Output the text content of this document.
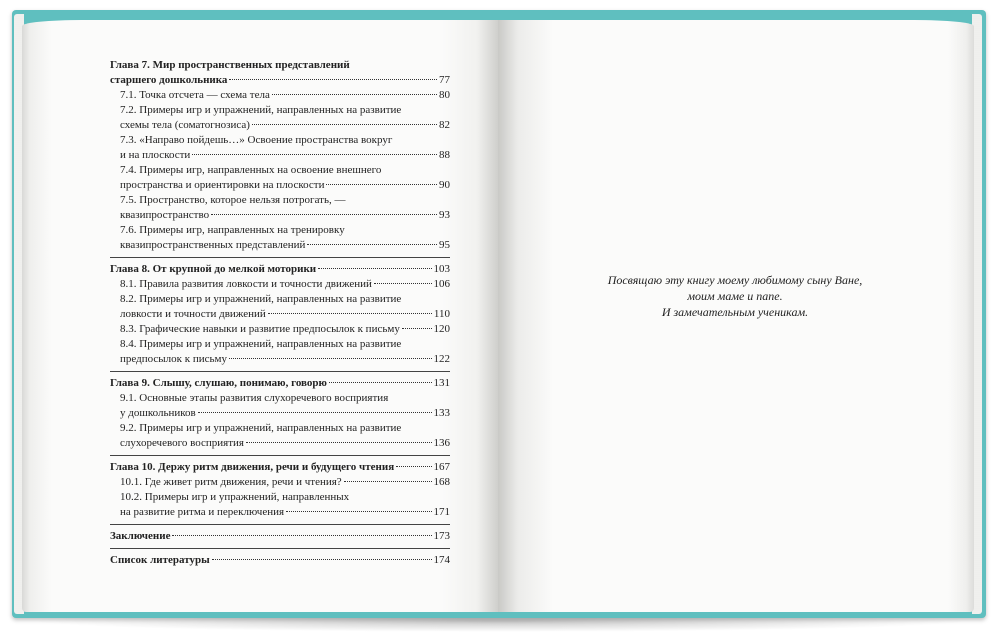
Глава 7. Мир пространственных представлений
старшего дошкольника	77
7.1. Точка отсчета — схема тела	80
7.2. Примеры игр и упражнений, направленных на развитие
схемы тела (соматогнозиса)	82
7.3. «Направо пойдешь…» Освоение пространства вокруг
и на плоскости	88
7.4. Примеры игр, направленных на освоение внешнего
пространства и ориентировки на плоскости	90
7.5. Пространство, которое нельзя потрогать, —
квазипространство	93
7.6. Примеры игр, направленных на тренировку
квазипространственных представлений	95
Глава 8. От крупной до мелкой моторики	103
8.1. Правила развития ловкости и точности движений	106
8.2. Примеры игр и упражнений, направленных на развитие
ловкости и точности движений	110
8.3. Графические навыки и развитие предпосылок к письму	120
8.4. Примеры игр и упражнений, направленных на развитие
предпосылок к письму	122
Глава 9. Слышу, слушаю, понимаю, говорю	131
9.1. Основные этапы развития слухоречевого восприятия
у дошкольников	133
9.2. Примеры игр и упражнений, направленных на развитие
слухоречевого восприятия	136
Глава 10. Держу ритм движения, речи и будущего чтения	167
10.1. Где живет ритм движения, речи и чтения?	168
10.2. Примеры игр и упражнений, направленных
на развитие ритма и переключения	171
Заключение	173
Список литературы	174
Посвящаю эту книгу моему любимому сыну Ване,
моим маме и папе.
И замечательным ученикам.
